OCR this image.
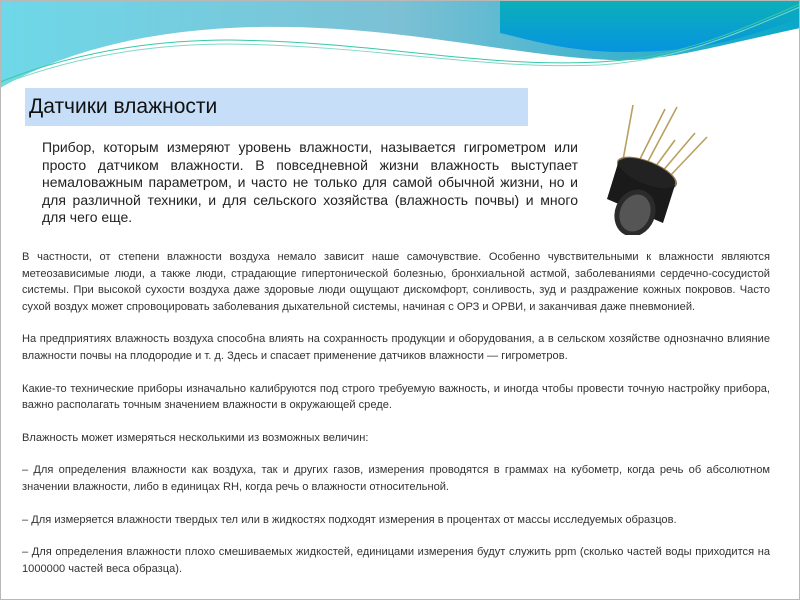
Датчики влажности
Прибор, которым измеряют уровень влажности, называется гигрометром или просто датчиком влажности. В повседневной жизни влажность выступает немаловажным параметром, и часто не только для самой обычной жизни, но и для различной техники, и для сельского хозяйства (влажность почвы) и много для чего еще.

В частности, от степени влажности воздуха немало зависит наше самочувствие. Особенно чувствительными к влажности являются метеозависимые люди, а также люди, страдающие гипертонической болезнью, бронхиальной астмой, заболеваниями сердечно-сосудистой системы. При высокой сухости воздуха даже здоровые люди ощущают дискомфорт, сонливость, зуд и раздражение кожных покровов. Часто сухой воздух может спровоцировать заболевания дыхательной системы, начиная с ОРЗ и ОРВИ, и заканчивая даже пневмонией.

На предприятиях влажность воздуха способна влиять на сохранность продукции и оборудования, а в сельском хозяйстве однозначно влияние влажности почвы на плодородие и т. д. Здесь и спасает применение датчиков влажности — гигрометров.

Какие-то технические приборы изначально калибруются под строго требуемую важность, и иногда чтобы провести точную настройку прибора, важно располагать точным значением влажности в окружающей среде.

Влажность может измеряться несколькими из возможных величин:

– Для определения влажности как воздуха, так и других газов, измерения проводятся в граммах на кубометр, когда речь об абсолютном значении влажности, либо в единицах RH, когда речь о влажности относительной.

– Для измеряется влажности твердых тел или в жидкостях подходят измерения в процентах от массы исследуемых образцов.

– Для определения влажности плохо смешиваемых жидкостей, единицами измерения будут служить ppm (сколько частей воды приходится на 1000000 частей веса образца).
